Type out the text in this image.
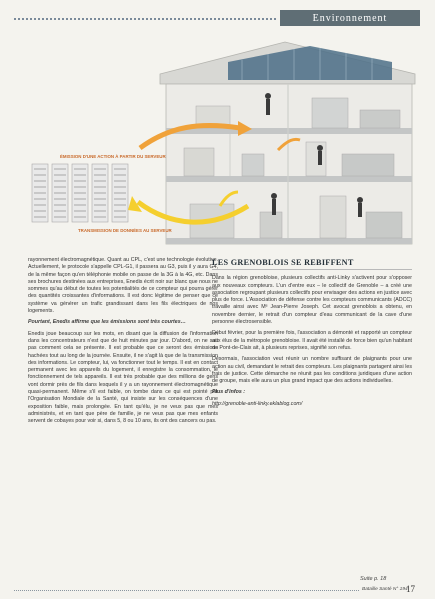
Environnement
ÉMISSION D'UNE ACTION À PARTIR DU SERVEUR
TRANSMISSION DE DONNÉES AU SERVEUR

rayonnement électromagnétique. Quant au CPL, c'est une technologie évolutive. Actuellement, le protocole s'appelle CPL-G1, il passera au G3, puis il y aura G4, de la même façon qu'en téléphonie mobile on passe de la 3G à la 4G, etc. Dans ses brochures destinées aux entreprises, Enedis écrit noir sur blanc que nous ne sommes qu'au début de toutes les potentialités de ce compteur qui pourra gérer des quantités croissantes d'informations. Il est donc légitime de penser que ce système va générer un trafic grandissant dans les fils électriques de nos logements.

Pourtant, Enedis affirme que les émissions sont très courtes…

Enedis joue beaucoup sur les mots, en disant que la diffusion de l'information dans les concentrateurs n'est que de huit minutes par jour. D'abord, on ne sait pas comment cela se présente. Il est probable que ce seront des émissions hachées tout au long de la journée. Ensuite, il ne s'agit là que de la transmission des informations. Le compteur, lui, va fonctionner tout le temps. Il est en contact permanent avec les appareils du logement, il enregistre la consommation, le fonctionnement de tels appareils. Il est très probable que des millions de gens vont dormir près de fils dans lesquels il y a un rayonnement électromagnétique quasi-permanent. Même s'il est faible, on tombe dans ce qui est pointé par l'Organisation Mondiale de la Santé, qui insiste sur les conséquences d'une exposition faible, mais prolongée. En tant qu'élu, je ne veux pas que mes administrés, et en tant que père de famille, je ne veux pas que mes enfants servent de cobayes pour voir si, dans 5, 8 ou 10 ans, ils ont des cancers ou pas.

LES GRENOBLOIS SE REBIFFENT

Dans la région grenobloise, plusieurs collectifs anti-Linky s'activent pour s'opposer aux nouveaux compteurs. L'un d'entre eux – le collectif de Grenoble – a créé une association regroupant plusieurs collectifs pour envisager des actions en justice avec plus de force. L'Association de défense contre les compteurs communicants (ADCC) travaille ainsi avec Mᵉ Jean-Pierre Joseph. Cet avocat grenoblois a obtenu, en novembre dernier, le retrait d'un compteur d'eau communicant de la cave d'une personne électrosensible.

Début février, pour la première fois, l'association a démonté et rapporté un compteur aux élus de la métropole grenobloise. Il avait été installé de force bien qu'un habitant de Pont-de-Claix ait, à plusieurs reprises, signifié son refus.

Désormais, l'association veut réunir un nombre suffisant de plaignants pour une action au civil, demandant le retrait des compteurs. Les plaignants partagent ainsi les frais de justice. Cette démarche ne réunit pas les conditions juridiques d'une action de groupe, mais elle aura un plus grand impact que des actions individuelles.

Plus d'infos :

http://grenoble-anti-linky.eklablog.com/

Suite p. 18
Bataille Santé N° 194
17
